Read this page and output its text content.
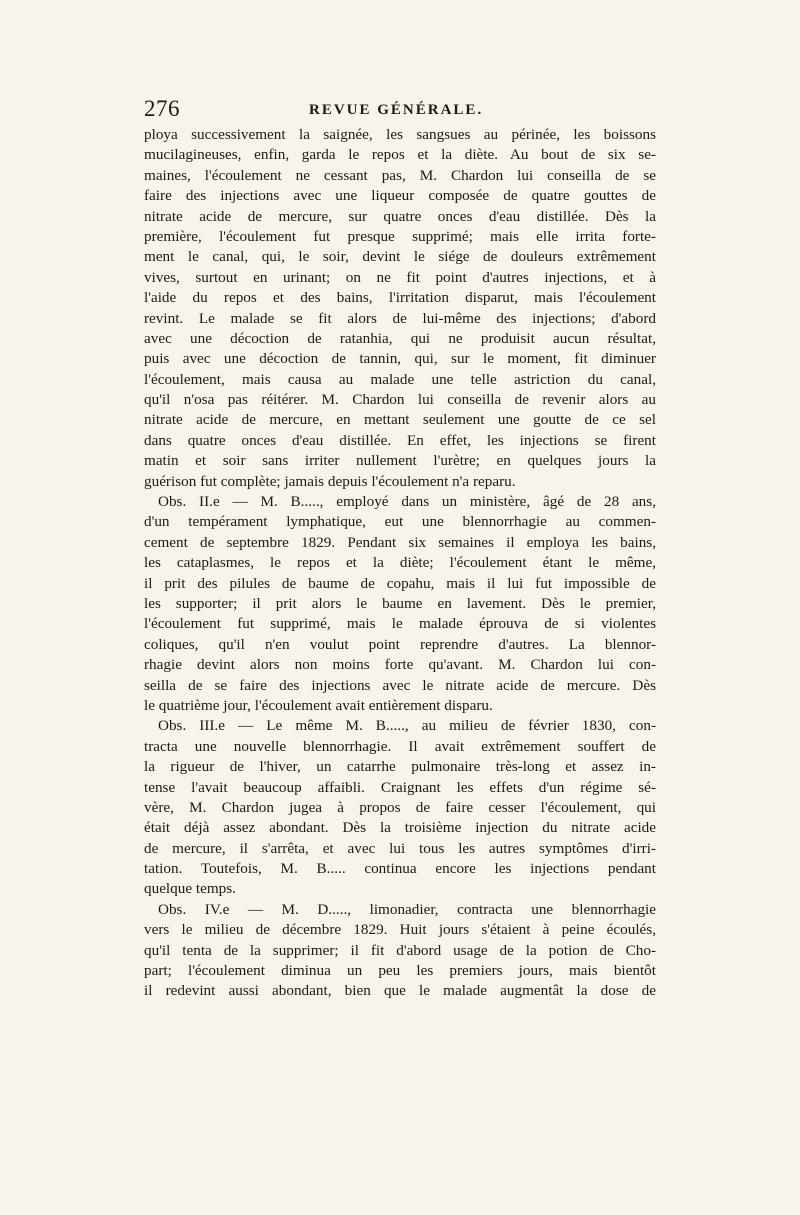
276	REVUE GÉNÉRALE.
ploya successivement la saignée, les sangsues au périnée, les boissons
mucilagineuses, enfin, garda le repos et la diète. Au bout de six se-
maines, l'écoulement ne cessant pas, M. Chardon lui conseilla de se
faire des injections avec une liqueur composée de quatre gouttes de
nitrate acide de mercure, sur quatre onces d'eau distillée. Dès la
première, l'écoulement fut presque supprimé; mais elle irrita forte-
ment le canal, qui, le soir, devint le siége de douleurs extrêmement
vives, surtout en urinant; on ne fit point d'autres injections, et à
l'aide du repos et des bains, l'irritation disparut, mais l'écoulement
revint. Le malade se fit alors de lui-même des injections; d'abord
avec une décoction de ratanhia, qui ne produisit aucun résultat,
puis avec une décoction de tannin, qui, sur le moment, fit diminuer
l'écoulement, mais causa au malade une telle astriction du canal,
qu'il n'osa pas réitérer. M. Chardon lui conseilla de revenir alors au
nitrate acide de mercure, en mettant seulement une goutte de ce sel
dans quatre onces d'eau distillée. En effet, les injections se firent
matin et soir sans irriter nullement l'urètre; en quelques jours la
guérison fut complète; jamais depuis l'écoulement n'a reparu.
Obs. II.e — M. B....., employé dans un ministère, âgé de 28 ans,
d'un tempérament lymphatique, eut une blennorrhagie au commen-
cement de septembre 1829. Pendant six semaines il employa les bains,
les cataplasmes, le repos et la diète; l'écoulement étant le même,
il prit des pilules de baume de copahu, mais il lui fut impossible de
les supporter; il prit alors le baume en lavement. Dès le premier,
l'écoulement fut supprimé, mais le malade éprouva de si violentes
coliques, qu'il n'en voulut point reprendre d'autres. La blennor-
rhagie devint alors non moins forte qu'avant. M. Chardon lui con-
seilla de se faire des injections avec le nitrate acide de mercure. Dès
le quatrième jour, l'écoulement avait entièrement disparu.
Obs. III.e — Le même M. B....., au milieu de février 1830, con-
tracta une nouvelle blennorrhagie. Il avait extrêmement souffert de
la rigueur de l'hiver, un catarrhe pulmonaire très-long et assez in-
tense l'avait beaucoup affaibli. Craignant les effets d'un régime sé-
vère, M. Chardon jugea à propos de faire cesser l'écoulement, qui
était déjà assez abondant. Dès la troisième injection du nitrate acide
de mercure, il s'arrêta, et avec lui tous les autres symptômes d'irri-
tation. Toutefois, M. B..... continua encore les injections pendant
quelque temps.
Obs. IV.e — M. D....., limonadier, contracta une blennorrhagie
vers le milieu de décembre 1829. Huit jours s'étaient à peine écoulés,
qu'il tenta de la supprimer; il fit d'abord usage de la potion de Cho-
part; l'écoulement diminua un peu les premiers jours, mais bientôt
il redevint aussi abondant, bien que le malade augmentât la dose de
